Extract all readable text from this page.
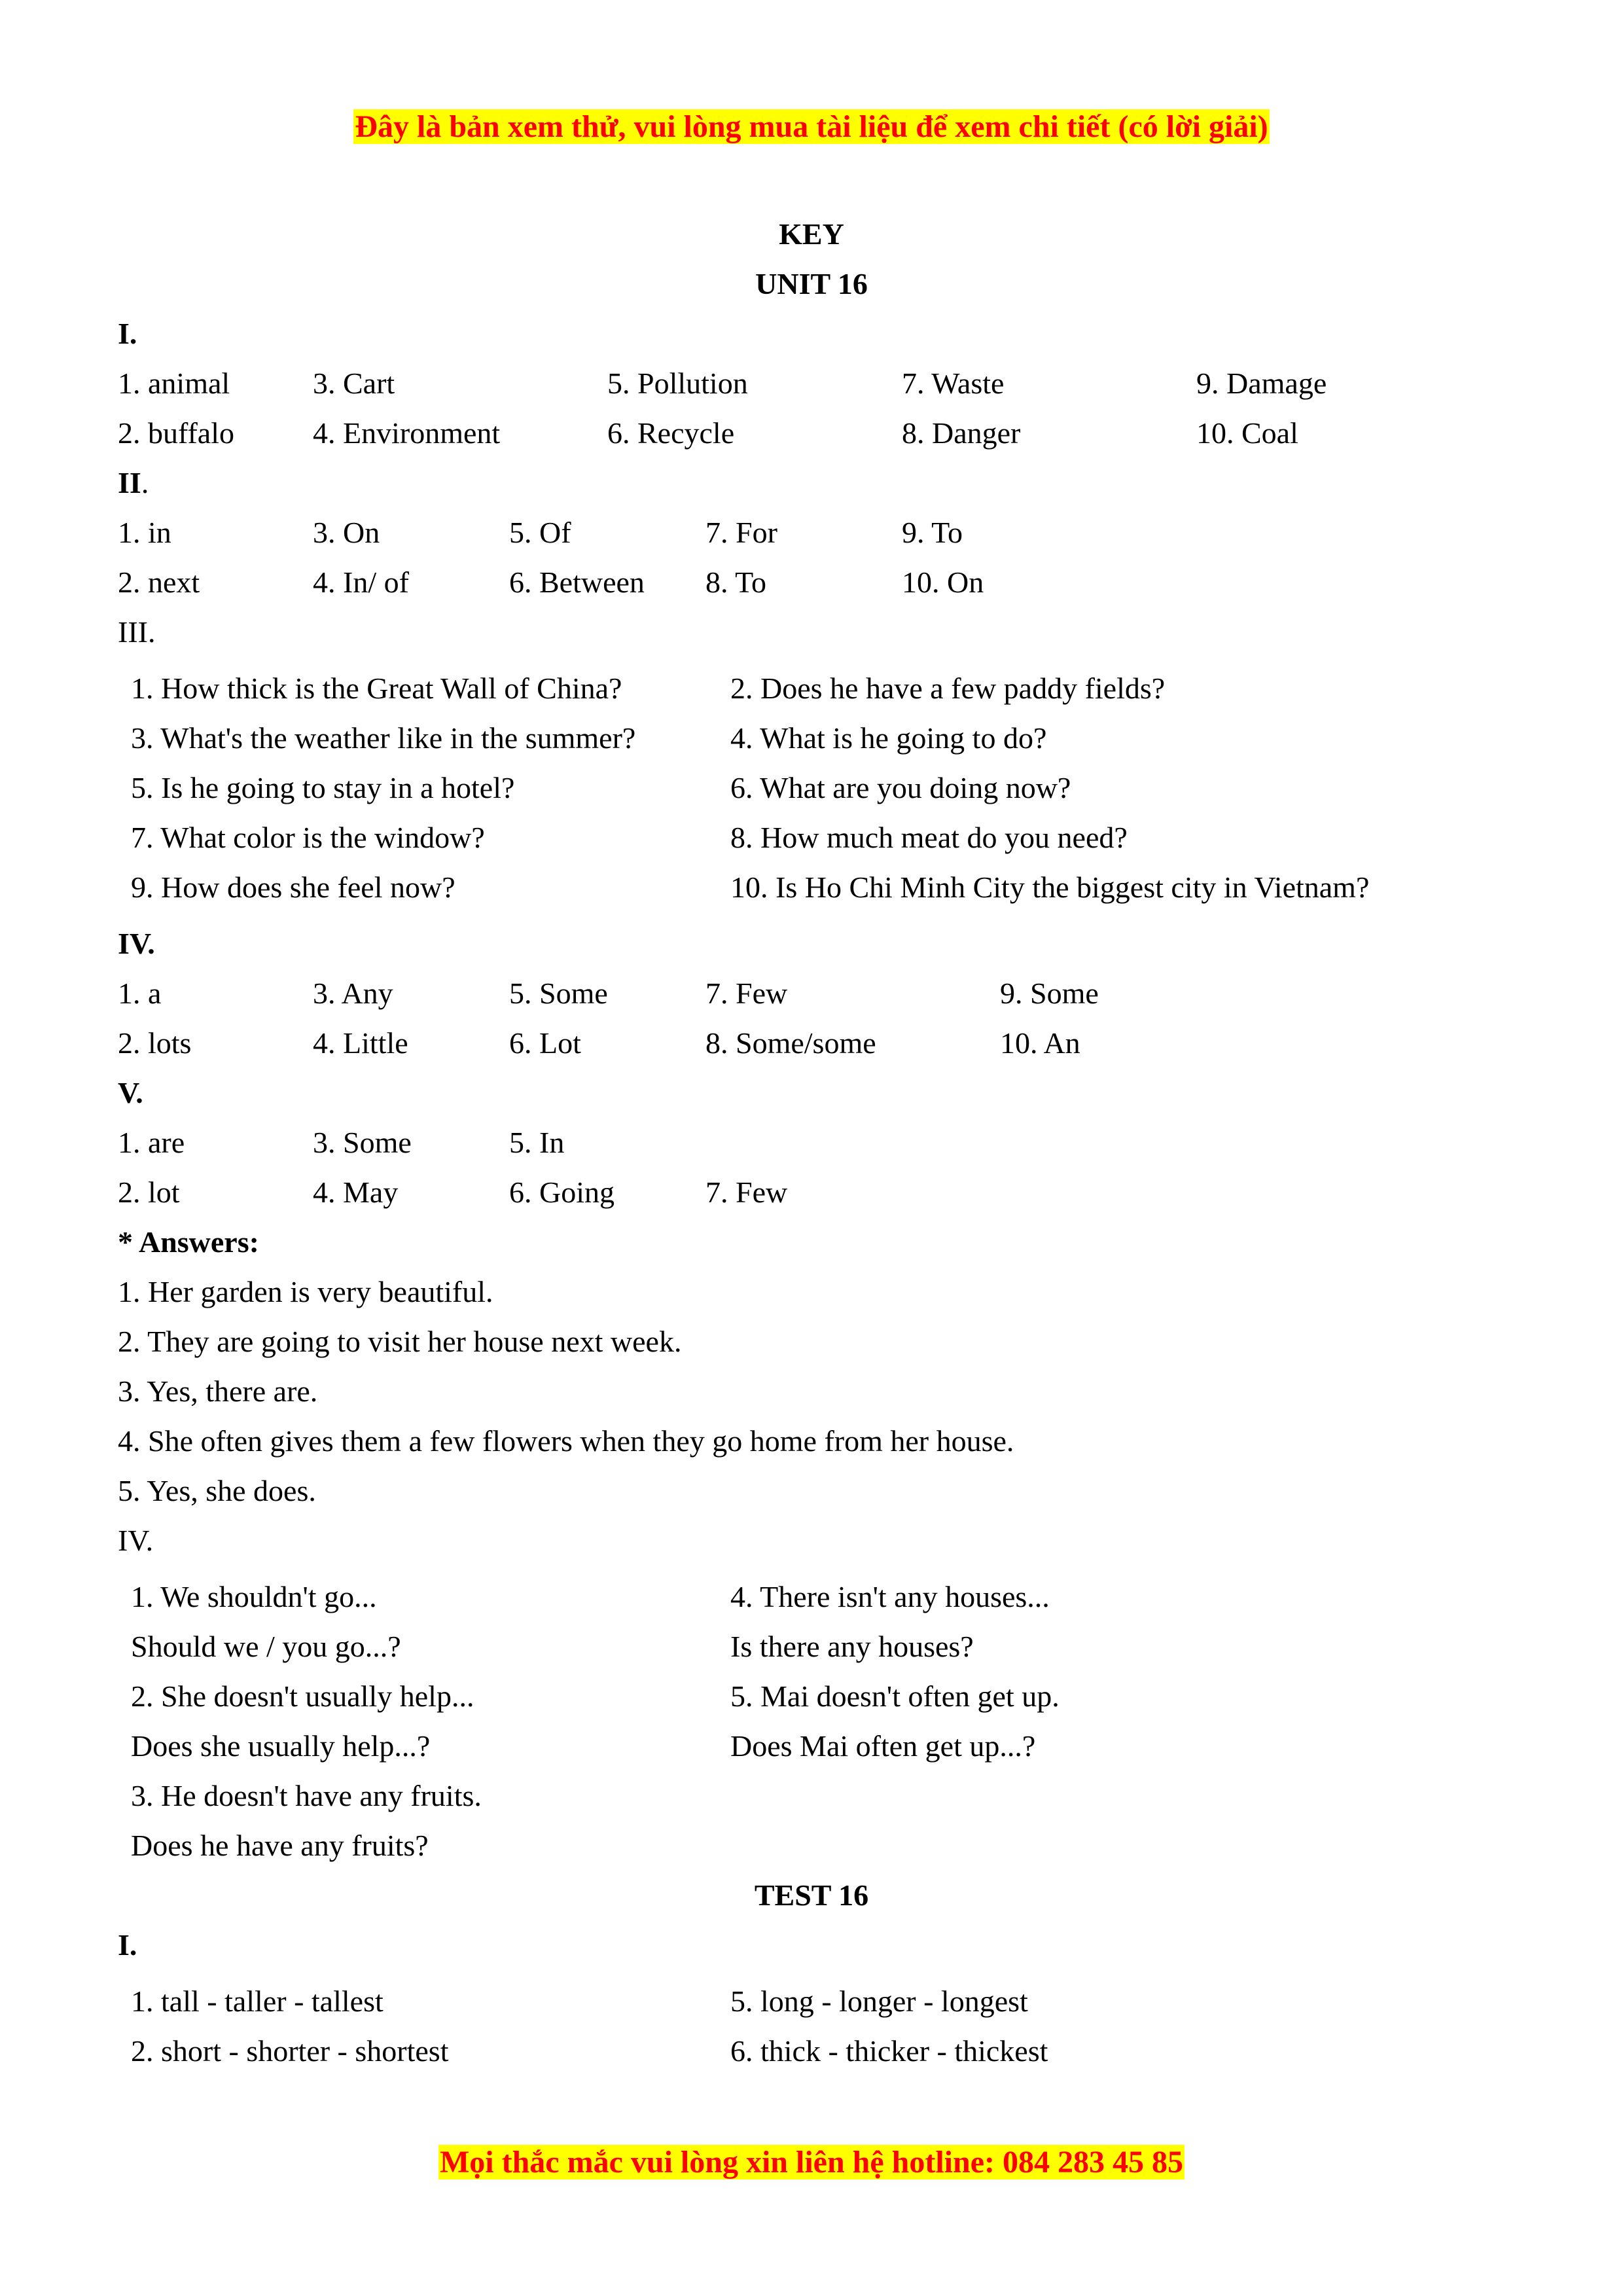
Đây là bản xem thử, vui lòng mua tài liệu để xem chi tiết (có lời giải)
KEY
UNIT 16
I.
1. animal	3. Cart	5. Pollution	7. Waste	9. Damage
2. buffalo	4. Environment	6. Recycle	8. Danger	10. Coal
II.
1. in	3. On	5. Of	7. For	9. To
2. next	4. In/ of	6. Between 8. To	10. On
III.
1. How thick is the Great Wall of China?	2. Does he have a few paddy fields?
3. What's the weather like in the summer?	4. What is he going to do?
5. Is he going to stay in a hotel?	6. What are you doing now?
7. What color is the window?	8. How much meat do you need?
9. How does she feel now?	10. Is Ho Chi Minh City the biggest city in Vietnam?
IV.
1. a	3. Any	5. Some	7. Few	9. Some
2. lots	4. Little	6. Lot	8. Some/some	10. An
V.
1. are	3. Some	5. In
2. lot	4. May	6. Going	7. Few
* Answers:
1. Her garden is very beautiful.
2. They are going to visit her house next week.
3. Yes, there are.
4. She often gives them a few flowers when they go home from her house.
5. Yes, she does.
IV.
1. We shouldn't go...	4. There isn't any houses...
Should we / you go...?	Is there any houses?
2. She doesn't usually help...	5. Mai doesn't often get up.
Does she usually help...?	Does Mai often get up...?
3. He doesn't have any fruits.
Does he have any fruits?
TEST 16
I.
1. tall - taller - tallest	5. long - longer - longest
2. short - shorter - shortest	6. thick - thicker - thickest
Mọi thắc mắc vui lòng xin liên hệ hotline: 084 283 45 85
